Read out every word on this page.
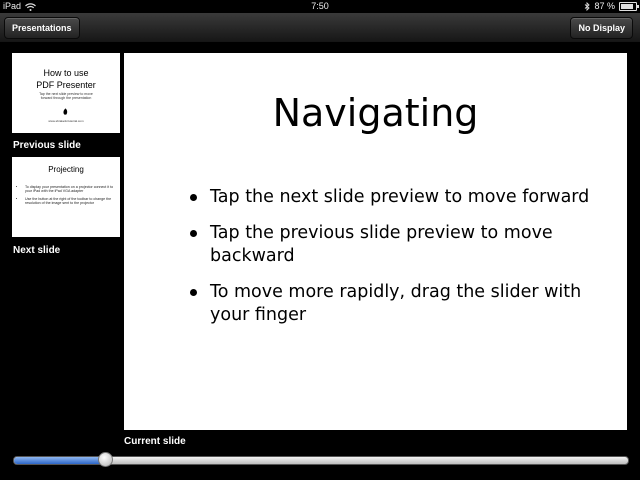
iPad	7:50	87 %
Presentations	No Display
How to use
PDF Presenter
Tap the next slide preview to move
forward through the presentation
www.sbrakefortutorial.com
Previous slide
Projecting
• To display your presentation on a projector connect it to your iPad with the iPad VGA adapter
• Use the button at the right of the toolbar to change the resolution of the image sent to the projector
Next slide
Navigating
Tap the next slide preview to move forward
Tap the previous slide preview to move backward
To move more rapidly, drag the slider with your finger
Current slide
